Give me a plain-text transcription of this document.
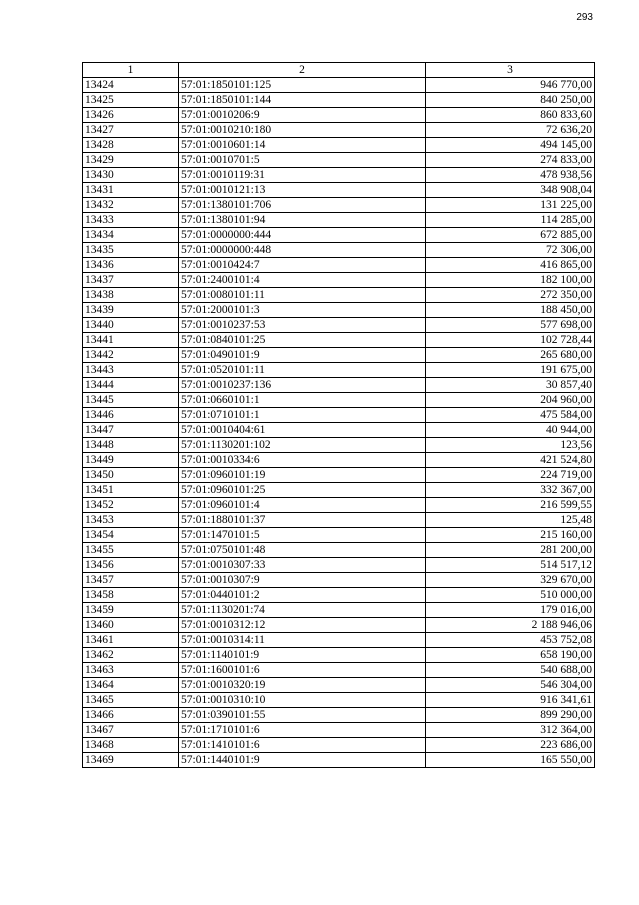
293
1	2	3
13424	57:01:1850101:125	946 770,00
13425	57:01:1850101:144	840 250,00
13426	57:01:0010206:9	860 833,60
13427	57:01:0010210:180	72 636,20
13428	57:01:0010601:14	494 145,00
13429	57:01:0010701:5	274 833,00
13430	57:01:0010119:31	478 938,56
13431	57:01:0010121:13	348 908,04
13432	57:01:1380101:706	131 225,00
13433	57:01:1380101:94	114 285,00
13434	57:01:0000000:444	672 885,00
13435	57:01:0000000:448	72 306,00
13436	57:01:0010424:7	416 865,00
13437	57:01:2400101:4	182 100,00
13438	57:01:0080101:11	272 350,00
13439	57:01:2000101:3	188 450,00
13440	57:01:0010237:53	577 698,00
13441	57:01:0840101:25	102 728,44
13442	57:01:0490101:9	265 680,00
13443	57:01:0520101:11	191 675,00
13444	57:01:0010237:136	30 857,40
13445	57:01:0660101:1	204 960,00
13446	57:01:0710101:1	475 584,00
13447	57:01:0010404:61	40 944,00
13448	57:01:1130201:102	123,56
13449	57:01:0010334:6	421 524,80
13450	57:01:0960101:19	224 719,00
13451	57:01:0960101:25	332 367,00
13452	57:01:0960101:4	216 599,55
13453	57:01:1880101:37	125,48
13454	57:01:1470101:5	215 160,00
13455	57:01:0750101:48	281 200,00
13456	57:01:0010307:33	514 517,12
13457	57:01:0010307:9	329 670,00
13458	57:01:0440101:2	510 000,00
13459	57:01:1130201:74	179 016,00
13460	57:01:0010312:12	2 188 946,06
13461	57:01:0010314:11	453 752,08
13462	57:01:1140101:9	658 190,00
13463	57:01:1600101:6	540 688,00
13464	57:01:0010320:19	546 304,00
13465	57:01:0010310:10	916 341,61
13466	57:01:0390101:55	899 290,00
13467	57:01:1710101:6	312 364,00
13468	57:01:1410101:6	223 686,00
13469	57:01:1440101:9	165 550,00
